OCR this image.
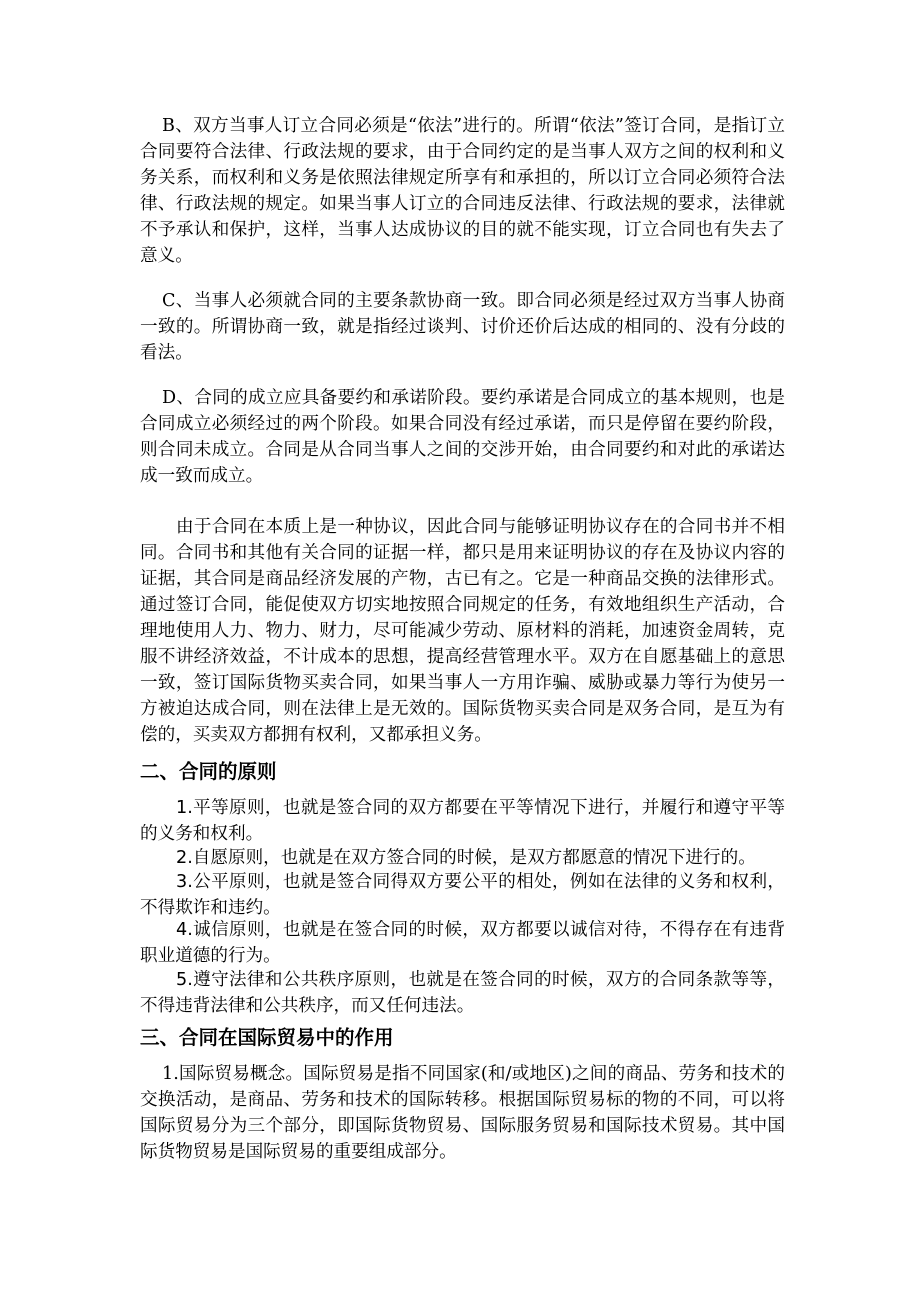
B、双方当事人订立合同必须是“依法”进行的。所谓“依法”签订合同，是指订立合同要符合法律、行政法规的要求，由于合同约定的是当事人双方之间的权利和义务关系，而权利和义务是依照法律规定所享有和承担的，所以订立合同必须符合法律、行政法规的规定。如果当事人订立的合同违反法律、行政法规的要求，法律就不予承认和保护，这样，当事人达成协议的目的就不能实现，订立合同也有失去了意义。

C、当事人必须就合同的主要条款协商一致。即合同必须是经过双方当事人协商一致的。所谓协商一致，就是指经过谈判、讨价还价后达成的相同的、没有分歧的看法。

D、合同的成立应具备要约和承诺阶段。要约承诺是合同成立的基本规则，也是合同成立必须经过的两个阶段。如果合同没有经过承诺，而只是停留在要约阶段，则合同未成立。合同是从合同当事人之间的交涉开始，由合同要约和对此的承诺达成一致而成立。

由于合同在本质上是一种协议，因此合同与能够证明协议存在的合同书并不相同。合同书和其他有关合同的证据一样，都只是用来证明协议的存在及协议内容的证据，其合同是商品经济发展的产物，古已有之。它是一种商品交换的法律形式。通过签订合同，能促使双方切实地按照合同规定的任务，有效地组织生产活动，合理地使用人力、物力、财力，尽可能减少劳动、原材料的消耗，加速资金周转，克服不讲经济效益，不计成本的思想，提高经营管理水平。双方在自愿基础上的意思一致，签订国际货物买卖合同，如果当事人一方用诈骗、威胁或暴力等行为使另一方被迫达成合同，则在法律上是无效的。国际货物买卖合同是双务合同，是互为有偿的，买卖双方都拥有权利，又都承担义务。

二、合同的原则

1.平等原则，也就是签合同的双方都要在平等情况下进行，并履行和遵守平等的义务和权利。

2.自愿原则，也就是在双方签合同的时候，是双方都愿意的情况下进行的。

3.公平原则，也就是签合同得双方要公平的相处，例如在法律的义务和权利，不得欺诈和违约。

4.诚信原则，也就是在签合同的时候，双方都要以诚信对待，不得存在有违背职业道德的行为。

5.遵守法律和公共秩序原则，也就是在签合同的时候，双方的合同条款等等，不得违背法律和公共秩序，而又任何违法。

三、合同在国际贸易中的作用

1.国际贸易概念。国际贸易是指不同国家(和/或地区)之间的商品、劳务和技术的交换活动，是商品、劳务和技术的国际转移。根据国际贸易标的物的不同，可以将国际贸易分为三个部分，即国际货物贸易、国际服务贸易和国际技术贸易。其中国际货物贸易是国际贸易的重要组成部分。
